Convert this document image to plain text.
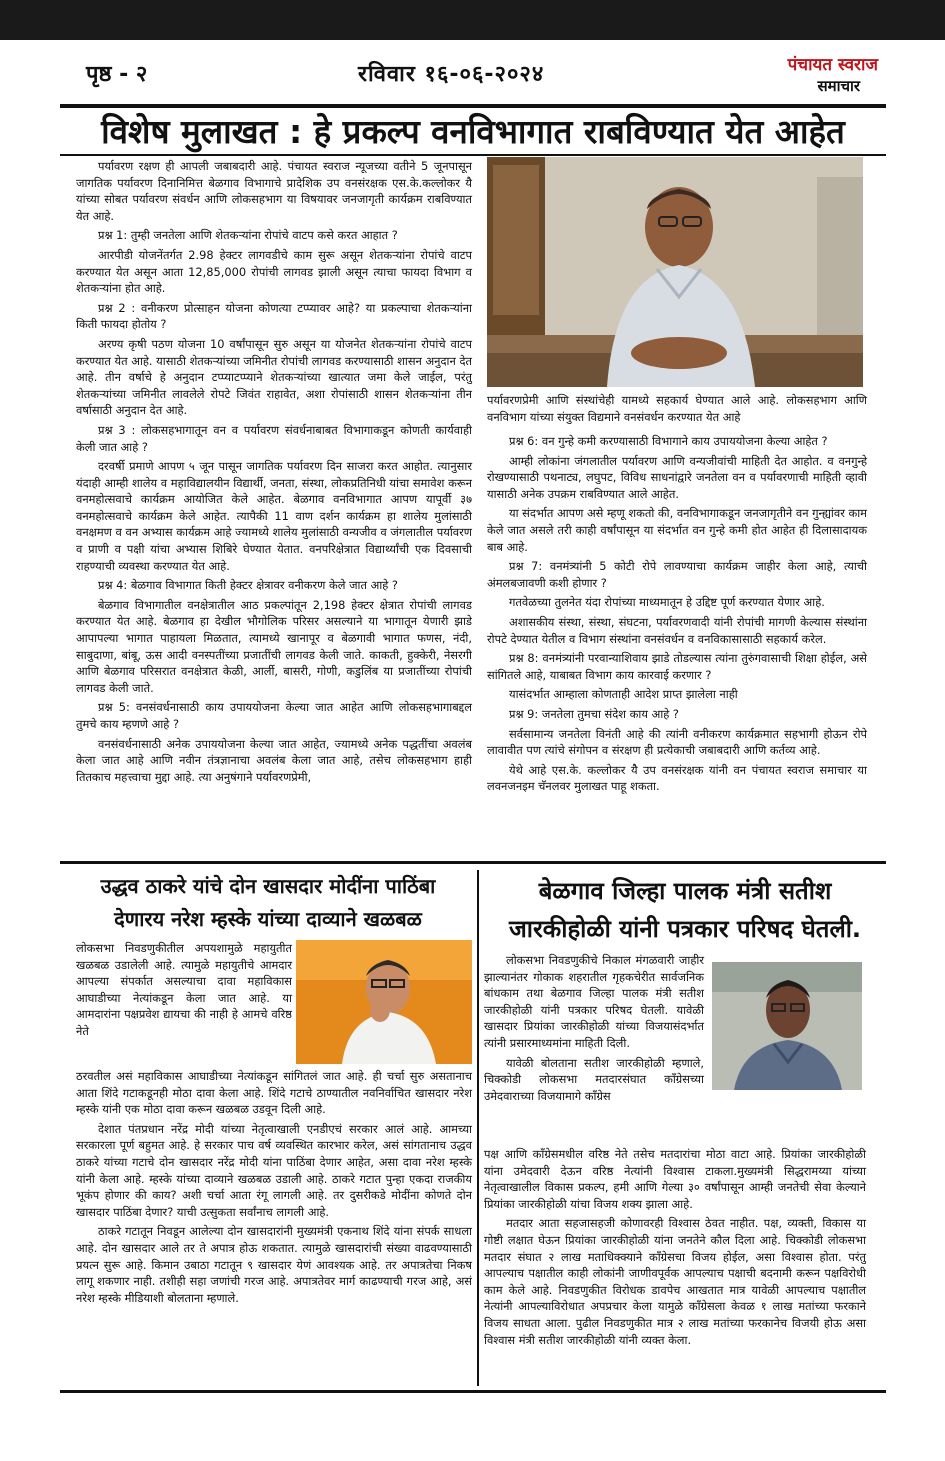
पृष्ठ - २	रविवार १६-०६-२०२४	पंचायत स्वराज
समाचार
विशेष मुलाखत : हे प्रकल्प वनविभागात राबविण्यात येत आहेत

पर्यावरण रक्षण ही आपली जबाबदारी आहे. पंचायत स्वराज न्यूजच्या वतीने 5 जूनपासून जागतिक पर्यावरण दिनानिमित्त बेळगाव विभागाचे प्रादेशिक उप वनसंरक्षक एस.के.कल्लोकर यैे यांच्या सोबत पर्यावरण संवर्धन आणि लोकसहभाग या विषयावर जनजागृती कार्यक्रम राबविण्यात येत आहे.

प्रश्न 1: तुम्ही जनतेला आणि शेतकऱ्यांना रोपांचे वाटप कसे करत आहात ?

आरपीडी योजनेंतर्गत 2.98 हेक्टर लागवडीचे काम सुरू असून शेतकऱ्यांना रोपांचे वाटप करण्यात येत असून आता 12,85,000 रोपांची लागवड झाली असून त्याचा फायदा विभाग व शेतकऱ्यांना होत आहे.

प्रश्न 2 : वनीकरण प्रोत्साहन योजना कोणत्या टप्प्यावर आहे? या प्रकल्पाचा शेतकऱ्यांना किती फायदा होतोय ?

अरण्य कृषी पठण योजना 10 वर्षांपासून सुरु असून या योजनेत शेतकऱ्यांना रोपांचे वाटप करण्यात येत आहे. यासाठी शेतकऱ्यांच्या जमिनीत रोपांची लागवड करण्यासाठी शासन अनुदान देत आहे. तीन वर्षाचे हे अनुदान टप्प्याटप्प्याने शेतकऱ्यांच्या खात्यात जमा केले जाईल, परंतु शेतकऱ्यांच्या जमिनीत लावलेले रोपटे जिवंत राहावेत, अशा रोपांसाठी शासन शेतकऱ्यांना तीन वर्षासाठी अनुदान देत आहे.

प्रश्न 3 : लोकसहभागातून वन व पर्यावरण संवर्धनाबाबत विभागाकडून कोणती कार्यवाही केली जात आहे ?

दरवर्षी प्रमाणे आपण ५ जून पासून जागतिक पर्यावरण दिन साजरा करत आहोत. त्यानुसार यंदाही आम्ही शालेय व महाविद्यालयीन विद्यार्थी, जनता, संस्था, लोकप्रतिनिधी यांचा समावेश करून वनमहोत्सवाचे कार्यक्रम आयोजित केले आहेत. बेळगाव वनविभागात आपण यापूर्वी ३७ वनमहोत्सवाचे कार्यक्रम केले आहेत. त्यापैकी 11 वाण दर्शन कार्यक्रम हा शालेय मुलांसाठी वनक्षमण व वन अभ्यास कार्यक्रम आहे ज्यामध्ये शालेय मुलांसाठी वन्यजीव व जंगलातील पर्यावरण व प्राणी व पक्षी यांचा अभ्यास शिबिरे घेण्यात येतात. वनपरिक्षेत्रात विद्यार्थ्यांची एक दिवसाची राहण्याची व्यवस्था करण्यात येत आहे.

प्रश्न 4: बेळगाव विभागात किती हेक्टर क्षेत्रावर वनीकरण केले जात आहे ?

बेळगाव विभागातील वनक्षेत्रातील आठ प्रकल्पांतून 2,198 हेक्टर क्षेत्रात रोपांची लागवड करण्यात येत आहे. बेळगाव हा देखील भौगोलिक परिसर असल्याने या भागातून येणारी झाडे आपापल्या भागात पाहायला मिळतात, त्यामध्ये खानापूर व बेळगावी भागात फणस, नंदी, साबुदाणा, बांबू, ऊस आदी वनस्पतींच्या प्रजातींची लागवड केली जाते. काकती, हुक्केरी, नेसरगी आणि बेळगाव परिसरात वनक्षेत्रात केळी, आर्ली, बासरी, गोणी, कडुलिंब या प्रजातींच्या रोपांची लागवड केली जाते.

प्रश्न 5: वनसंवर्धनासाठी काय उपाययोजना केल्या जात आहेत आणि लोकसहभागाबद्दल तुमचे काय म्हणणे आहे ?

वनसंवर्धनासाठी अनेक उपाययोजना केल्या जात आहेत, ज्यामध्ये अनेक पद्धतींचा अवलंब केला जात आहे आणि नवीन तंत्रज्ञानाचा अवलंब केला जात आहे, तसेच लोकसहभाग हाही तितकाच महत्त्वाचा मुद्दा आहे. त्या अनुषंगाने पर्यावरणप्रेमी,

पर्यावरणप्रेमी आणि संस्थांचेही यामध्ये सहकार्य घेण्यात आले आहे. लोकसहभाग आणि वनविभाग यांच्या संयुक्त विद्यमाने वनसंवर्धन करण्यात येत आहे

प्रश्न 6: वन गुन्हे कमी करण्यासाठी विभागाने काय उपाययोजना केल्या आहेत ?

आम्ही लोकांना जंगलातील पर्यावरण आणि वन्यजीवांची माहिती देत आहोत. व वनगुन्हे रोखण्यासाठी पथनाट्य, लघुपट, विविध साधनांद्वारे जनतेला वन व पर्यावरणाची माहिती व्हावी यासाठी अनेक उपक्रम राबविण्यात आले आहेत.

या संदर्भात आपण असे म्हणू शकतो की, वनविभागाकडून जनजागृतीने वन गुन्ह्यांवर काम केले जात असले तरी काही वर्षांपासून या संदर्भात वन गुन्हे कमी होत आहेत ही दिलासादायक बाब आहे.

प्रश्न 7: वनमंत्र्यांनी 5 कोटी रोपे लावण्याचा कार्यक्रम जाहीर केला आहे, त्याची अंमलबजावणी कशी होणार ?

गतवेळच्या तुलनेत यंदा रोपांच्या माध्यमातून हे उद्दिष्ट पूर्ण करण्यात येणार आहे.

अशासकीय संस्था, संस्था, संघटना, पर्यावरणवादी यांनी रोपांची मागणी केल्यास संस्थांना रोपटे देण्यात येतील व विभाग संस्थांना वनसंवर्धन व वनविकासासाठी सहकार्य करेल.

प्रश्न 8: वनमंत्र्यांनी परवान्याशिवाय झाडे तोडल्यास त्यांना तुरुंगवासाची शिक्षा होईल, असे सांगितले आहे, याबाबत विभाग काय कारवाई करणार ?

यासंदर्भात आम्हाला कोणताही आदेश प्राप्त झालेला नाही

प्रश्न 9: जनतेला तुमचा संदेश काय आहे ?

सर्वसामान्य जनतेला विनंती आहे की त्यांनी वनीकरण कार्यक्रमात सहभागी होऊन रोपे लावावीत पण त्यांचे संगोपन व संरक्षण ही प्रत्येकाची जबाबदारी आणि कर्तव्य आहे.

येथे आहे एस.के. कल्लोकर यैे उप वनसंरक्षक यांनी वन पंचायत स्वराज समाचार या लवनजनइम चॅनलवर मुलाखत पाहू शकता.

उद्धव ठाकरे यांचे दोन खासदार मोदींना पाठिंबा
देणारय नरेश म्हस्के यांच्या दाव्याने खळबळ

लोकसभा निवडणुकीतील अपयशामुळे महायुतीत खळबळ उडालेली आहे. त्यामुळे महायुतीचे आमदार आपल्या संपर्कात असल्याचा दावा महाविकास आघाडीच्या नेत्यांकडून केला जात आहे. या आमदारांना पक्षप्रवेश द्यायचा की नाही हे आमचे वरिष्ठ नेते

ठरवतील असं महाविकास आघाडीच्या नेत्यांकडून सांगितलं जात आहे. ही चर्चा सुरु असतानाच आता शिंदे गटाकडूनही मोठा दावा केला आहे. शिंदे गटाचे ठाण्यातील नवनिर्वाचित खासदार नरेश म्हस्के यांनी एक मोठा दावा करून खळबळ उडवून दिली आहे.

देशात पंतप्रधान नरेंद्र मोदी यांच्या नेतृत्वाखाली एनडीएचं सरकार आलं आहे. आमच्या सरकारला पूर्ण बहुमत आहे. हे सरकार पाच वर्ष व्यवस्थित कारभार करेल, असं सांगतानाच उद्धव ठाकरे यांच्या गटाचे दोन खासदार नरेंद्र मोदी यांना पाठिंबा देणार आहेत, असा दावा नरेश म्हस्के यांनी केला आहे. म्हस्के यांच्या दाव्याने खळबळ उडाली आहे. ठाकरे गटात पुन्हा एकदा राजकीय भूकंप होणार की काय? अशी चर्चा आता रंगू लागली आहे. तर दुसरीकडे मोदींना कोणते दोन खासदार पाठिंबा देणार? याची उत्सुकता सर्वांनाच लागली आहे.

ठाकरे गटातून निवडून आलेल्या दोन खासदारांनी मुख्यमंत्री एकनाथ शिंदे यांना संपर्क साधला आहे. दोन खासदार आले तर ते अपात्र होऊ शकतात. त्यामुळे खासदारांची संख्या वाढवण्यासाठी प्रयत्न सुरू आहे. किमान उबाठा गटातून ९ खासदार येणं आवश्यक आहे. तर अपात्रतेचा निकष लागू शकणार नाही. तशीही सहा जणांची गरज आहे. अपात्रतेवर मार्ग काढण्याची गरज आहे, असं नरेश म्हस्के मीडियाशी बोलताना म्हणाले.

बेळगाव जिल्हा पालक मंत्री सतीश
जारकीहोळी यांनी पत्रकार परिषद घेतली.

लोकसभा निवडणुकीचे निकाल मंगळवारी जाहीर झाल्यानंतर गोकाक शहरातील गृहकचेरीत सार्वजनिक बांधकाम तथा बेळगाव जिल्हा पालक मंत्री सतीश जारकीहोळी यांनी पत्रकार परिषद घेतली. यावेळी खासदार प्रियांका जारकीहोळी यांच्या विजयासंदर्भात त्यांनी प्रसारमाध्यमांना माहिती दिली.

यावेळी बोलताना सतीश जारकीहोळी म्हणाले, चिक्कोडी लोकसभा मतदारसंघात काँग्रेसच्या उमेदवाराच्या विजयामागे काँग्रेस

पक्ष आणि काँग्रेसमधील वरिष्ठ नेते तसेच मतदारांचा मोठा वाटा आहे. प्रियांका जारकीहोळी यांना उमेदवारी देऊन वरिष्ठ नेत्यांनी विश्वास टाकला.मुख्यमंत्री सिद्धरामय्या यांच्या नेतृत्वाखालील विकास प्रकल्प, हमी आणि गेल्या ३० वर्षांपासून आम्ही जनतेची सेवा केल्याने प्रियांका जारकीहोळी यांचा विजय शक्य झाला आहे.

मतदार आता सहजासहजी कोणावरही विश्वास ठेवत नाहीत. पक्ष, व्यक्ती, विकास या गोष्टी लक्षात घेऊन प्रियांका जारकीहोळी यांना जनतेने कौल दिला आहे. चिक्कोडी लोकसभा मतदार संघात २ लाख मताधिक्क्याने काँग्रेसचा विजय होईल, असा विश्वास होता. परंतु आपल्याच पक्षातील काही लोकांनी जाणीवपूर्वक आपल्याच पक्षाची बदनामी करून पक्षविरोधी काम केले आहे. निवडणुकीत विरोधक डावपेच आखतात मात्र यावेळी आपल्याच पक्षातील नेत्यांनी आपल्याविरोधात अपप्रचार केला यामुळे काँग्रेसला केवळ १ लाख मतांच्या फरकाने विजय साधता आला. पुढील निवडणुकीत मात्र २ लाख मतांच्या फरकानेच विजयी होऊ असा विश्वास मंत्री सतीश जारकीहोळी यांनी व्यक्त केला.
